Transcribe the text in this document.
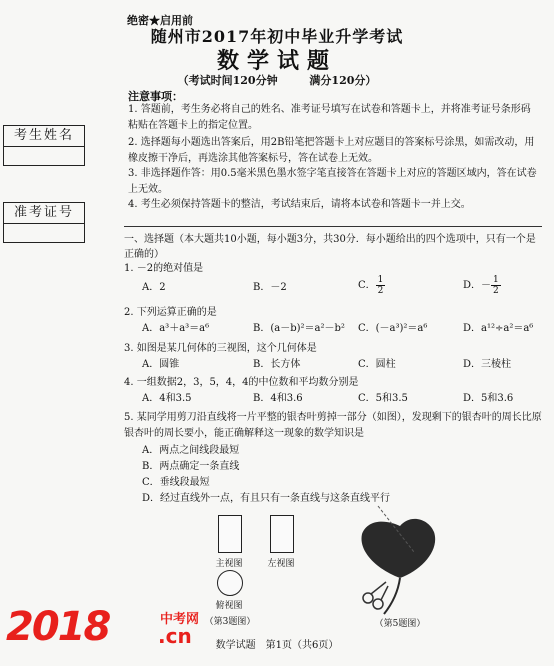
绝密★启用前
随州市2017年初中毕业升学考试
数学试题
（考试时间120分钟	满分120分）
注意事项：
1. 答题前，考生务必将自己的姓名、准考证号填写在试卷和答题卡上，并将准考证号条形码粘贴在答题卡上的指定位置。
2. 选择题每小题选出答案后，用2B铅笔把答题卡上对应题目的答案标号涂黑，如需改动，用橡皮擦干净后，再选涂其他答案标号，答在试卷上无效。
3. 非选择题作答：用0.5毫米黑色墨水签字笔直接答在答题卡上对应的答题区域内，答在试卷上无效。
4. 考生必须保持答题卡的整洁，考试结束后，请将本试卷和答题卡一并上交。
考生姓名
准考证号
一、选择题（本大题共10小题，每小题3分，共30分．每小题给出的四个选项中，只有一个是正确的）
1. －2的绝对值是
A．2	B．－2	C． $\frac{1}{2}$	D．－ $\frac{1}{2}$
2. 下列运算正确的是
A．a³＋a³＝a⁶	B．(a－b)²＝a²－b² C．(－a³)²＝a⁶	D．a¹²÷a²＝a⁶
3. 如图是某几何体的三视图，这个几何体是
A．圆锥	B．长方体	C．圆柱	D．三棱柱
4. 一组数据2，3，5，4，4的中位数和平均数分别是
A．4和3.5	B．4和3.6	C．5和3.5	D．5和3.6
5. 某同学用剪刀沿直线将一片平整的银杏叶剪掉一部分（如图），发现剩下的银杏叶的周长比原银杏叶的周长要小，能正确解释这一现象的数学知识是
A．两点之间线段最短
B．两点确定一条直线
C．垂线段最短
D．经过直线外一点，有且只有一条直线与这条直线平行
主视图	左视图
俯视图
（第3题图）	（第5题图）
2018	中考网
.cn	数学试题　第1页（共6页）
